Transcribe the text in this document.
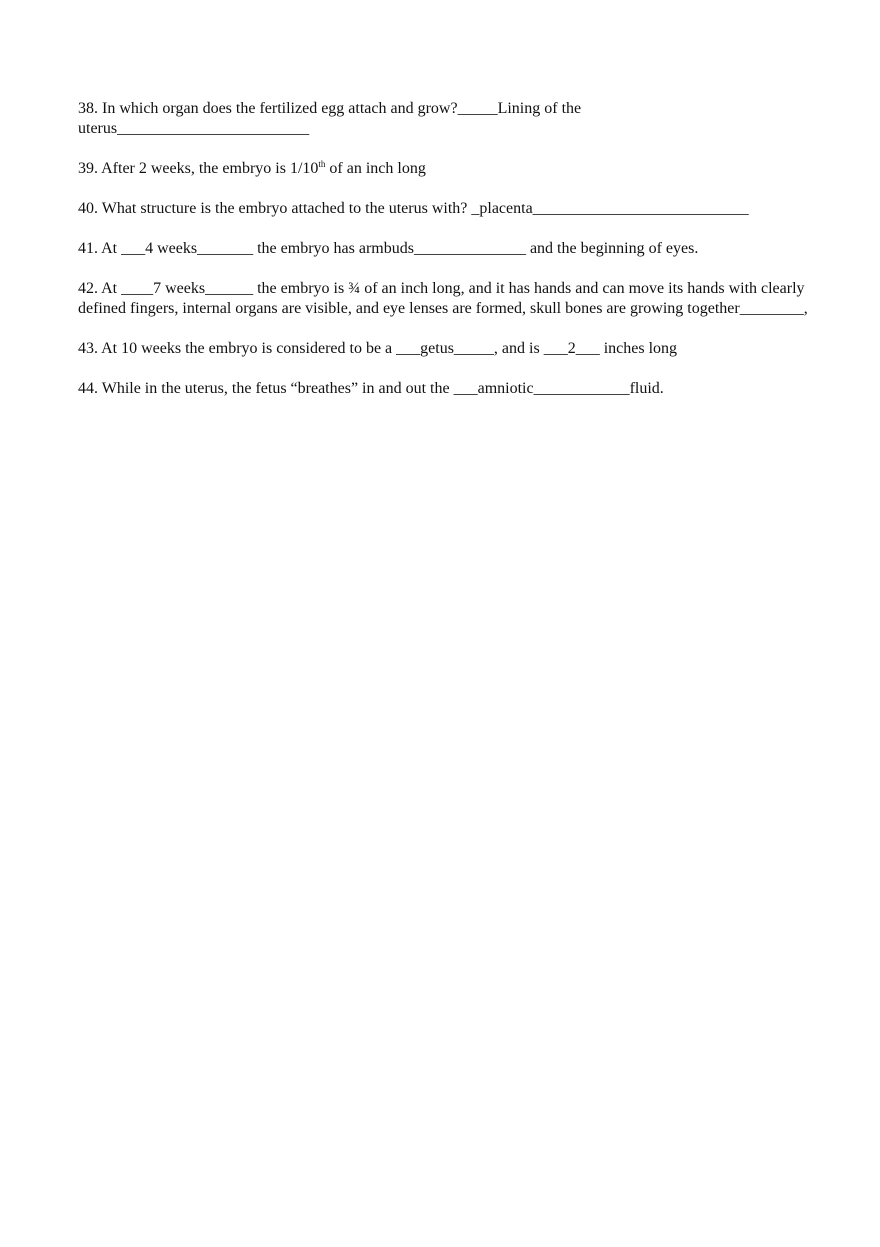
38. In which organ does the fertilized egg attach and grow?_____Lining of the uterus________________________

39. After 2 weeks, the embryo is 1/10th of an inch long

40. What structure is the embryo attached to the uterus with? _placenta___________________________

41. At ___4 weeks_______ the embryo has armbuds______________ and the beginning of eyes.

42. At ____7 weeks______ the embryo is ¾ of an inch long, and it has hands and can move its hands with clearly defined fingers, internal organs are visible, and eye lenses are formed, skull bones are growing together________,

43. At 10 weeks the embryo is considered to be a ___getus_____, and is ___2___ inches long

44. While in the uterus, the fetus “breathes” in and out the ___amniotic____________fluid.
